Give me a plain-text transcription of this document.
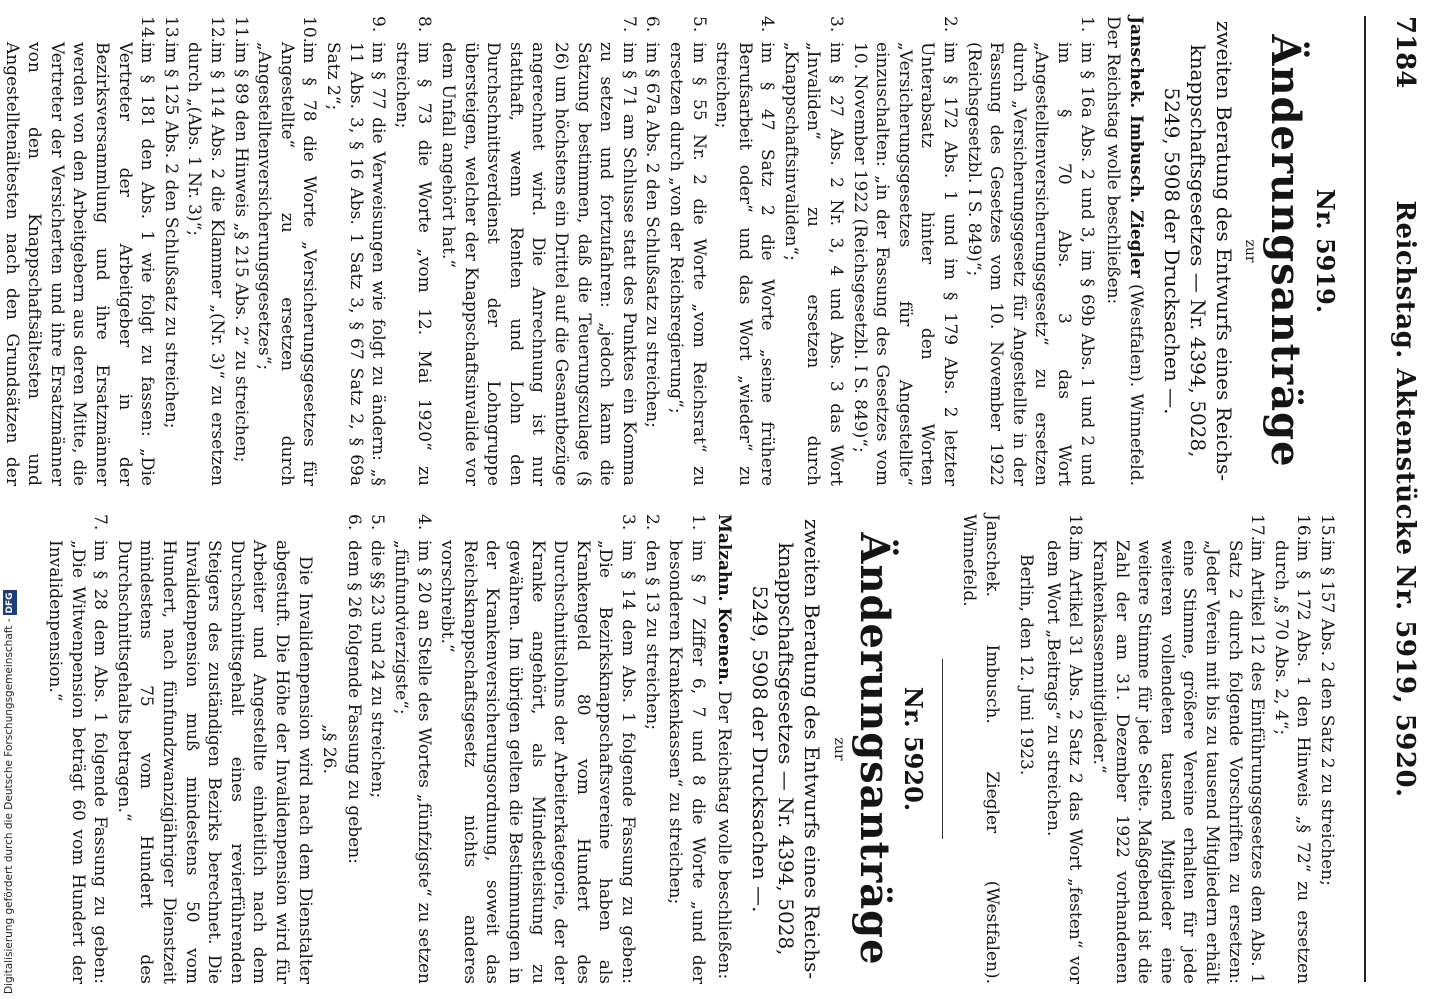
7184
Reichstag. Aktenstücke Nr. 5919, 5920.
Nr. 5919.
Änderungsanträge
zur
zweiten Beratung des Entwurfs eines Reichs-knappschaftsgesetzes — Nr. 4394, 5028, 5249, 5908 der Drucksachen —.
Janschek. Imbusch. Ziegler (Westfalen). Winnefeld. Der Reichstag wolle beschließen:
1.
im § 16a Abs. 2 und 3, im § 69b Abs. 1 und 2 und im § 70 Abs. 3 das Wort „Angestelltenversicherungsgesetz“ zu ersetzen durch „Versicherungsgesetz für Angestellte in der Fassung des Gesetzes vom 10. November 1922 (Reichsgesetzbl. I S. 849)“;
2.
im § 172 Abs. 1 und im § 179 Abs. 2 letzter Unterabsatz hinter den Worten „Versicherungsgesetzes für Angestellte“ einzuschalten: „in der Fassung des Gesetzes vom 10. November 1922 (Reichsgesetzbl. I S. 849)“;
3.
im § 27 Abs. 2 Nr. 3, 4 und Abs. 3 das Wort „Invaliden“ zu ersetzen durch „Knappschaftsinvaliden“;
4.
im § 47 Satz 2 die Worte „seine frühere Berufsarbeit oder“ und das Wort „wieder“ zu streichen;
5.
im § 55 Nr. 2 die Worte „vom Reichsrat“ zu ersetzen durch „von der Reichsregierung“;
6.
im § 67a Abs. 2 den Schlußsatz zu streichen;
7.
im § 71 am Schlusse statt des Punktes ein Komma zu setzen und fortzufahren: „jedoch kann die Satzung bestimmen, daß die Teuerungszulage (§ 26) um höchstens ein Drittel auf die Gesamtbezüge angerechnet wird. Die Anrechnung ist nur statthaft, wenn Renten und Lohn den Durchschnittsverdienst der Lohngruppe übersteigen, welcher der Knappschaftsinvalide vor dem Unfall angehört hat.“
8.
im § 73 die Worte „vom 12. Mai 1920“ zu streichen;
9.
im § 77 die Verweisungen wie folgt zu ändern: „§ 11 Abs. 3, § 16 Abs. 1 Satz 3, § 67 Satz 2, § 69a Satz 2“;
10.
im § 78 die Worte „Versicherungsgesetzes für Angestellte“ zu ersetzen durch „Angestelltenversicherungsgesetzes“;
11.
im § 89 den Hinweis „§ 215 Abs. 2“ zu streichen;
12.
im § 114 Abs. 2 die Klammer „(Nr. 3)“ zu ersetzen durch „(Abs. 1 Nr. 3)“;
13.
im § 125 Abs. 2 den Schlußsatz zu streichen;
14.
im § 181 den Abs. 1 wie folgt zu fassen: „Die Vertreter der Arbeitgeber in der Bezirksversammlung und ihre Ersatzmänner werden von den Arbeitgebern aus deren Mitte, die Vertreter der Versicherten und ihre Ersatzmänner von den Knappschaftsältesten und Angestelltenältesten nach den Grundsätzen der
15.
im § 157 Abs. 2 den Satz 2 zu streichen;
16.
im § 172 Abs. 1 den Hinweis „§ 72“ zu ersetzen durch „§ 70 Abs. 2, 4“;
17.
im Artikel 12 des Einführungsgesetzes dem Abs. 1 Satz 2 durch folgende Vorschriften zu ersetzen: „Jeder Verein mit bis zu tausend Mitgliedern erhält eine Stimme, größere Vereine erhalten für jede weiteren vollendeten tausend Mitglieder eine weitere Stimme für jede Seite. Maßgebend ist die Zahl der am 31. Dezember 1922 vorhandenen Krankenkassenmitglieder.“
18.
im Artikel 31 Abs. 2 Satz 2 das Wort „festen“ vor dem Wort „Beitrags“ zu streichen.
Berlin, den 12. Juni 1923.
Janschek. Imbusch. Ziegler (Westfalen). Winnefeld.
Nr. 5920.
Änderungsanträge
zur
zweiten Beratung des Entwurfs eines Reichs-knappschaftsgesetzes — Nr. 4394, 5028, 5249, 5908 der Drucksachen —.
Malzahn. Koenen. Der Reichstag wolle beschließen:
1.
im § 7 Ziffer 6, 7 und 8 die Worte „und der besonderen Krankenkassen“ zu streichen;
2.
den § 13 zu streichen;
3.
im § 14 dem Abs. 1 folgende Fassung zu geben: „Die Bezirksknappschaftsvereine haben als Krankengeld 80 vom Hundert des Durchschnittslohns der Arbeiterkategorie, der der Kranke angehört, als Mindestleistung zu gewähren. Im übrigen gelten die Bestimmungen in der Krankenversicherungsordnung, soweit das Reichsknappschaftsgesetz nichts anderes vorschreibt.“
4.
im § 20 an Stelle des Wortes „fünfzigste“ zu setzen „fünfundvierzigste“;
5.
die §§ 23 und 24 zu streichen;
6.
dem § 26 folgende Fassung zu geben:
„§ 26.
Die Invalidenpension wird nach dem Dienstalter abgestuft. Die Höhe der Invalidenpension wird für Arbeiter und Angestellte einheitlich nach dem Durchschnittsgehalt eines revierführenden Steigers des zuständigen Bezirks berechnet. Die Invalidenpension muß mindestens 50 vom Hundert, nach fünfundzwanzigjähriger Dienstzeit mindestens 75 vom Hundert des Durchschnittsgehalts betragen.“
7.
im § 28 dem Abs. 1 folgende Fassung zu geben: „Die Witwenpension beträgt 60 vom Hundert der Invalidenpension.“
Digitalisierung gefördert durch die Deutsche Forschungsgemeinschaft -DFG
